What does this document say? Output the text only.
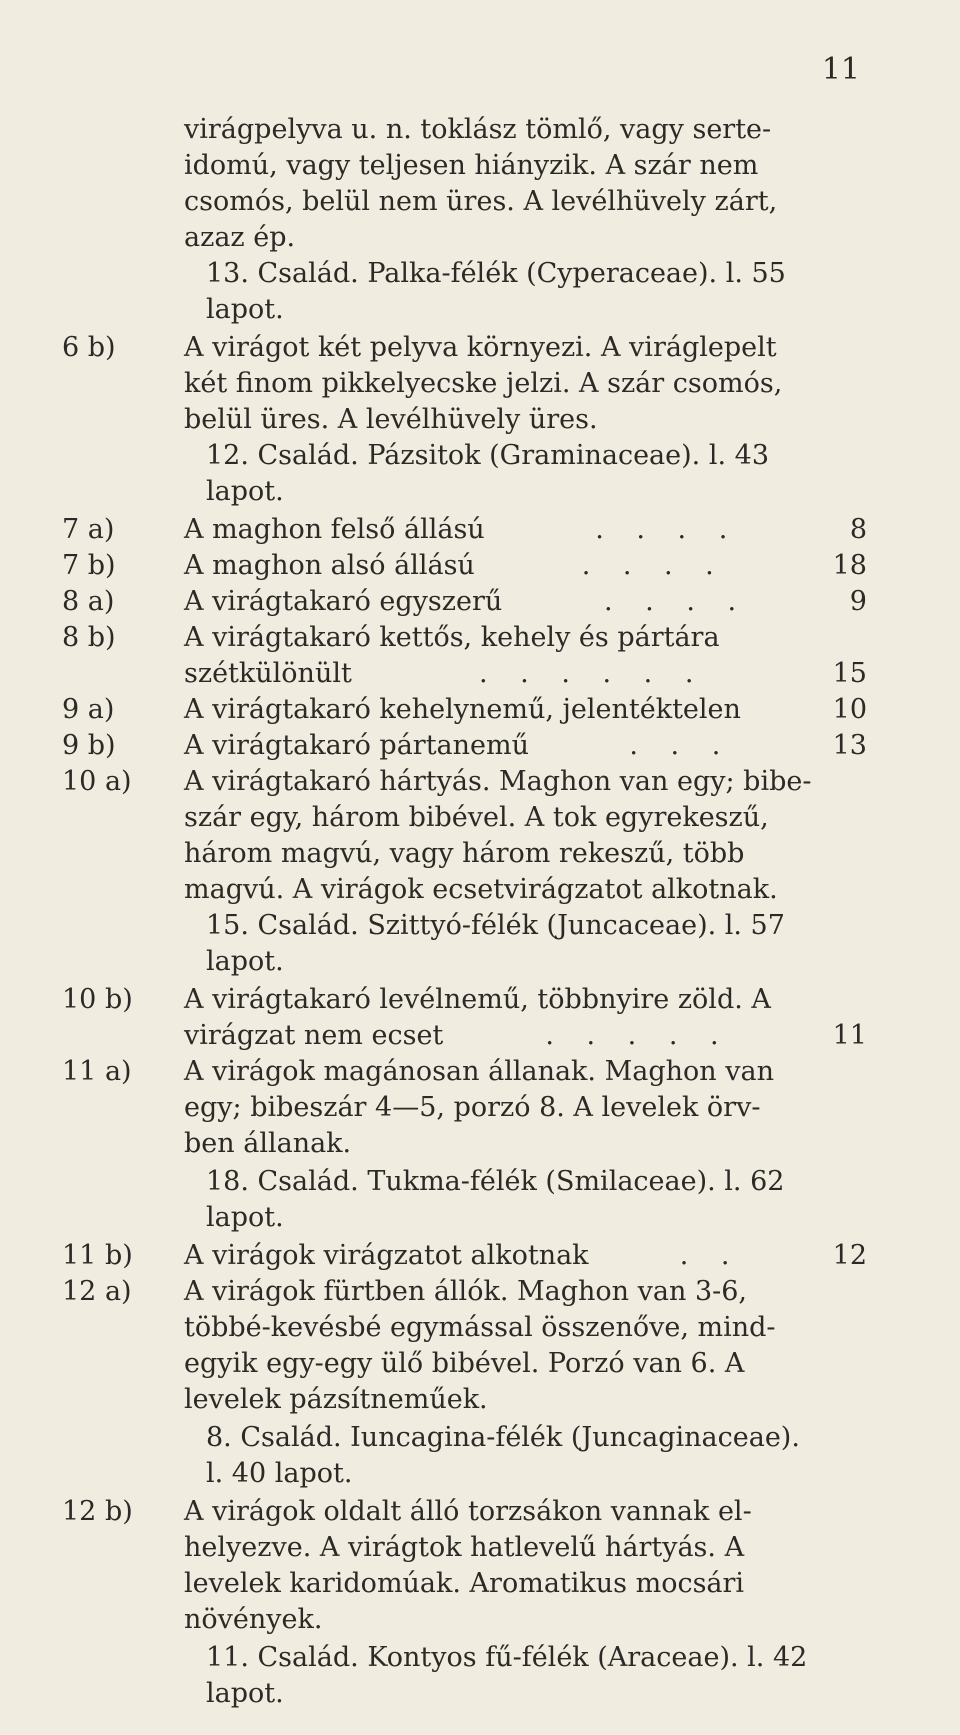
11
virágpelyva u. n. toklász tömlő, vagy serte-
idomú, vagy teljesen hiányzik. A szár nem
csomós, belül nem üres. A levélhüvely zárt,
azaz ép.
13. Család. Palka-félék (Cyperaceae). l. 55
lapot.
6 b)	A virágot két pelyva környezi. A viráglepelt
két finom pikkelyecske jelzi. A szár csomós,
belül üres. A levélhüvely üres.
12. Család. Pázsitok (Graminaceae). l. 43
lapot.
7 a)	A maghon felső állású	. . . .	8
7 b)	A maghon alsó állású	. . . .	18
8 a)	A virágtakaró egyszerű	. . . .	9
8 b)	A virágtakaró kettős, kehely és pártára
szétkülönült	. . . . . .	15
9 a)	A virágtakaró kehelynemű, jelentéktelen	10
9 b)	A virágtakaró pártanemű	. . .	13
10 a)	A virágtakaró hártyás. Maghon van egy; bibe-
szár egy, három bibével. A tok egyrekeszű,
három magvú, vagy három rekeszű, több
magvú. A virágok ecsetvirágzatot alkotnak.
15. Család. Szittyó-félék (Juncaceae). l. 57
lapot.
10 b)	A virágtakaró levélnemű, többnyire zöld. A
virágzat nem ecset	. . . . .	11
11 a)	A virágok magánosan állanak. Maghon van
egy; bibeszár 4—5, porzó 8. A levelek örv-
ben állanak.
18. Család. Tukma-félék (Smilaceae). l. 62
lapot.
11 b)	A virágok virágzatot alkotnak	. .	12
12 a)	A virágok fürtben állók. Maghon van 3-6,
többé-kevésbé egymással összenőve, mind-
egyik egy-egy ülő bibével. Porzó van 6. A
levelek pázsítneműek.
8. Család. Iuncagina-félék (Juncaginaceae).
l. 40 lapot.
12 b)	A virágok oldalt álló torzsákon vannak el-
helyezve. A virágtok hatlevelű hártyás. A
levelek karidomúak. Aromatikus mocsári
növények.
11. Család. Kontyos fű-félék (Araceae). l. 42
lapot.
